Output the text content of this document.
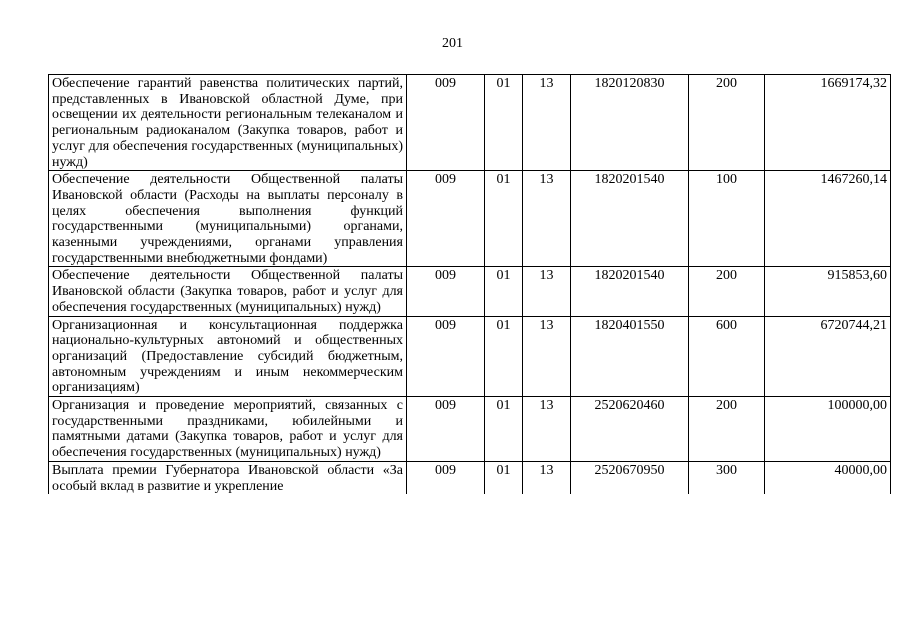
201
Обеспечение гарантий равенства политических партий, представленных в Ивановской областной Думе, при освещении их деятельности региональным телеканалом и региональным радиоканалом (Закупка товаров, работ и услуг для обеспечения государственных (муниципальных) нужд)	009	01	13	1820120830	200	1669174,32
Обеспечение деятельности Общественной палаты Ивановской области (Расходы на выплаты персоналу в целях обеспечения выполнения функций государственными (муниципальными) органами, казенными учреждениями, органами управления государственными внебюджетными фондами)	009	01	13	1820201540	100	1467260,14
Обеспечение деятельности Общественной палаты Ивановской области (Закупка товаров, работ и услуг для обеспечения государственных (муниципальных) нужд)	009	01	13	1820201540	200	915853,60
Организационная и консультационная поддержка национально-культурных автономий и общественных организаций (Предоставление субсидий бюджетным, автономным учреждениям и иным некоммерческим организациям)	009	01	13	1820401550	600	6720744,21
Организация и проведение мероприятий, связанных с государственными праздниками, юбилейными и памятными датами (Закупка товаров, работ и услуг для обеспечения государственных (муниципальных) нужд)	009	01	13	2520620460	200	100000,00
Выплата премии Губернатора Ивановской области «За особый вклад в развитие и укрепление	009	01	13	2520670950	300	40000,00
